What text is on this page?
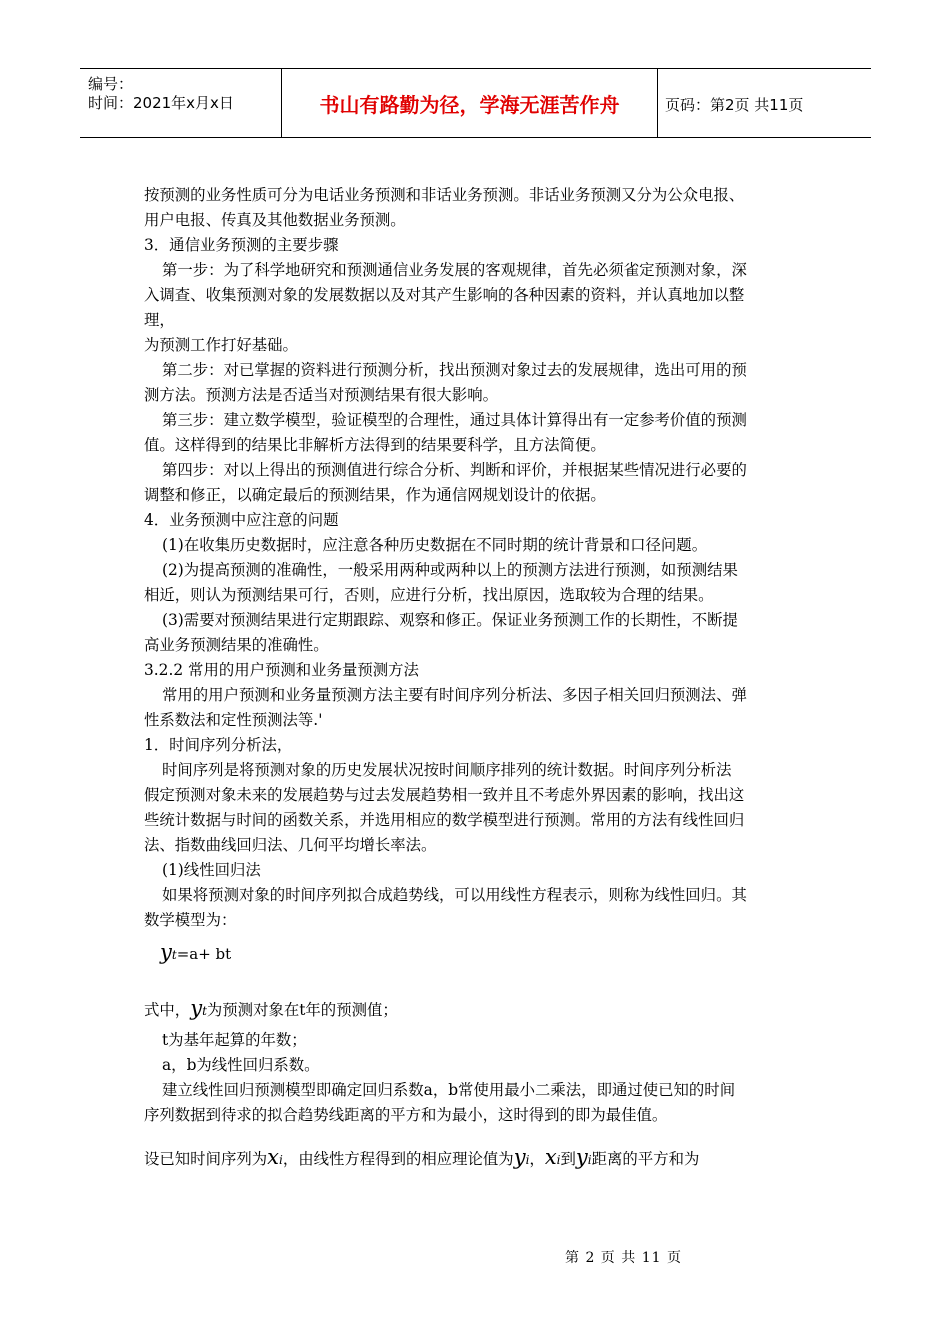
编号：
时间：2021年x月x日	书山有路勤为径，学海无涯苦作舟	页码：第2页 共11页
按预测的业务性质可分为电话业务预测和非话业务预测。非话业务预测又分为公众电报、
用户电报、传真及其他数据业务预测。
3．通信业务预测的主要步骤
第一步：为了科学地研究和预测通信业务发展的客观规律，首先必须雀定预测对象，深
入调查、收集预测对象的发展数据以及对其产生影响的各种因素的资料，并认真地加以整
理，
为预测工作打好基础。
第二步：对已掌握的资料进行预测分析，找出预测对象过去的发展规律，选出可用的预
测方法。预测方法是否适当对预测结果有很大影响。
第三步：建立数学模型，验证模型的合理性，通过具体计算得出有一定参考价值的预测
值。这样得到的结果比非解析方法得到的结果要科学，且方法简便。
第四步：对以上得出的预测值进行综合分析、判断和评价，并根据某些情况进行必要的
调整和修正，以确定最后的预测结果，作为通信网规划设计的依据。
4．业务预测中应注意的问题
(1)在收集历史数据时，应注意各种历史数据在不同时期的统计背景和口径问题。
(2)为提高预测的准确性，一般采用两种或两种以上的预测方法进行预测，如预测结果
相近，则认为预测结果可行，否则，应进行分析，找出原因，选取较为合理的结果。
(3)需要对预测结果进行定期跟踪、观察和修正。保证业务预测工作的长期性，不断提
高业务预测结果的准确性。
3.2.2 常用的用户预测和业务量预测方法
常用的用户预测和业务量预测方法主要有时间序列分析法、多因子相关回归预测法、弹
性系数法和定性预测法等.'
1．时间序列分析法，
时间序列是将预测对象的历史发展状况按时间顺序排列的统计数据。时间序列分析法
假定预测对象未来的发展趋势与过去发展趋势相一致并且不考虑外界因素的影响，找出这
些统计数据与时间的函数关系，并选用相应的数学模型进行预测。常用的方法有线性回归
法、指数曲线回归法、几何平均增长率法。
(1)线性回归法
如果将预测对象的时间序列拟合成趋势线，可以用线性方程表示，则称为线性回归。其
数学模型为：
yt=a+ bt
式中，yt为预测对象在t年的预测值；
t为基年起算的年数；
a，b为线性回归系数。
建立线性回归预测模型即确定回归系数a，b常使用最小二乘法，即通过使已知的时间
序列数据到待求的拟合趋势线距离的平方和为最小，这时得到的即为最佳值。
设已知时间序列为xi，由线性方程得到的相应理论值为yi，xi到yi距离的平方和为
第 2 页 共 11 页
